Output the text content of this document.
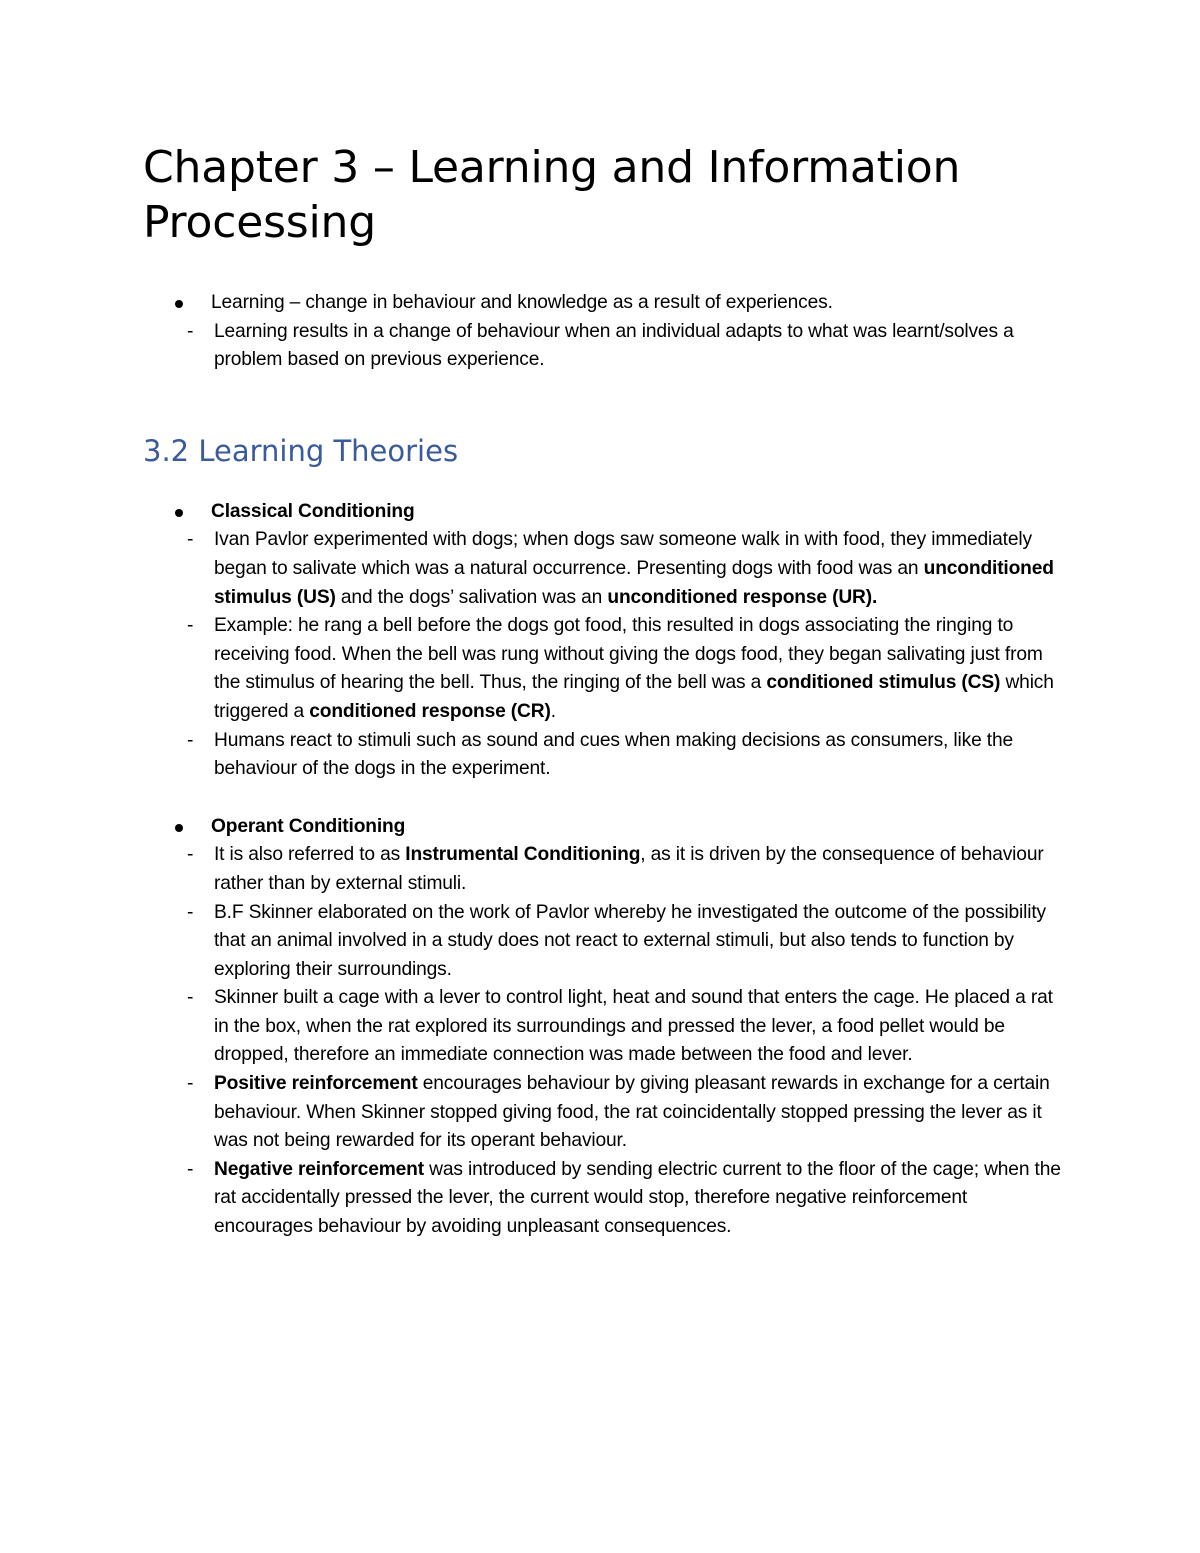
Chapter 3 – Learning and Information Processing
Learning – change in behaviour and knowledge as a result of experiences.
- Learning results in a change of behaviour when an individual adapts to what was learnt/solves a problem based on previous experience.
3.2 Learning Theories
Classical Conditioning
- Ivan Pavlor experimented with dogs; when dogs saw someone walk in with food, they immediately began to salivate which was a natural occurrence. Presenting dogs with food was an unconditioned stimulus (US) and the dogs’ salivation was an unconditioned response (UR).
- Example: he rang a bell before the dogs got food, this resulted in dogs associating the ringing to receiving food. When the bell was rung without giving the dogs food, they began salivating just from the stimulus of hearing the bell. Thus, the ringing of the bell was a conditioned stimulus (CS) which triggered a conditioned response (CR).
- Humans react to stimuli such as sound and cues when making decisions as consumers, like the behaviour of the dogs in the experiment.
Operant Conditioning
- It is also referred to as Instrumental Conditioning, as it is driven by the consequence of behaviour rather than by external stimuli.
- B.F Skinner elaborated on the work of Pavlor whereby he investigated the outcome of the possibility that an animal involved in a study does not react to external stimuli, but also tends to function by exploring their surroundings.
- Skinner built a cage with a lever to control light, heat and sound that enters the cage. He placed a rat in the box, when the rat explored its surroundings and pressed the lever, a food pellet would be dropped, therefore an immediate connection was made between the food and lever.
- Positive reinforcement encourages behaviour by giving pleasant rewards in exchange for a certain behaviour. When Skinner stopped giving food, the rat coincidentally stopped pressing the lever as it was not being rewarded for its operant behaviour.
- Negative reinforcement was introduced by sending electric current to the floor of the cage; when the rat accidentally pressed the lever, the current would stop, therefore negative reinforcement encourages behaviour by avoiding unpleasant consequences.
